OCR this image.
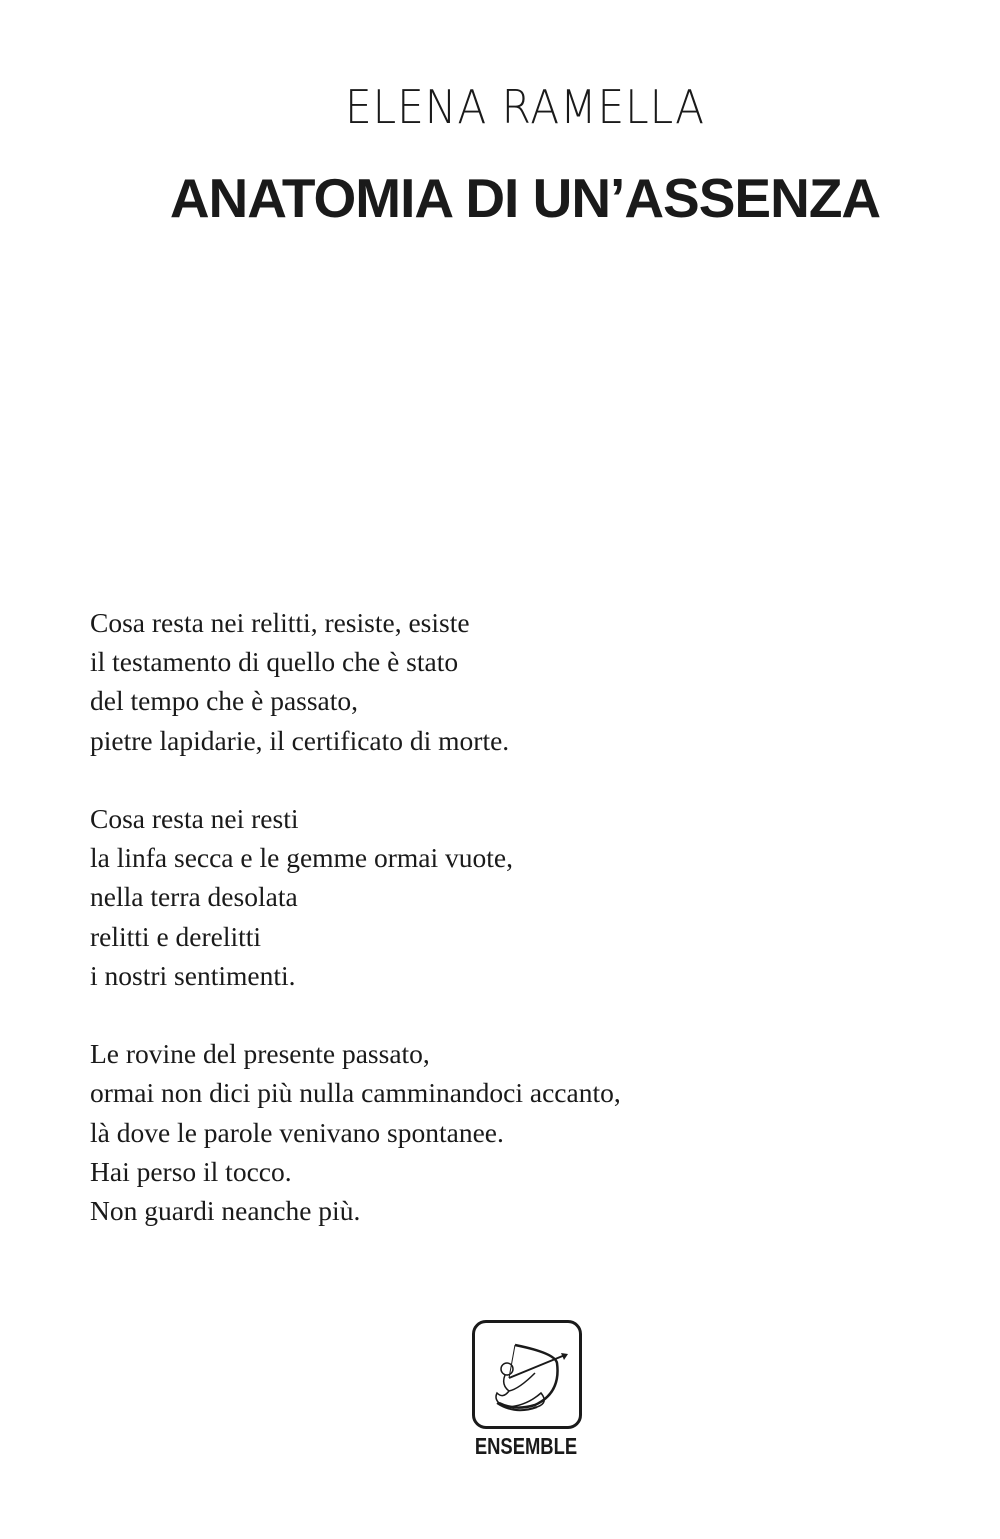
ELENA RAMELLA
ANATOMIA DI UN’ASSENZA
Cosa resta nei relitti, resiste, esiste
il testamento di quello che è stato
del tempo che è passato,
pietre lapidarie, il certificato di morte.
Cosa resta nei resti
la linfa secca e le gemme ormai vuote,
nella terra desolata
relitti e derelitti
i nostri sentimenti.
Le rovine del presente passato,
ormai non dici più nulla camminandoci accanto,
là dove le parole venivano spontanee.
Hai perso il tocco.
Non guardi neanche più.
ENSEMBLE
